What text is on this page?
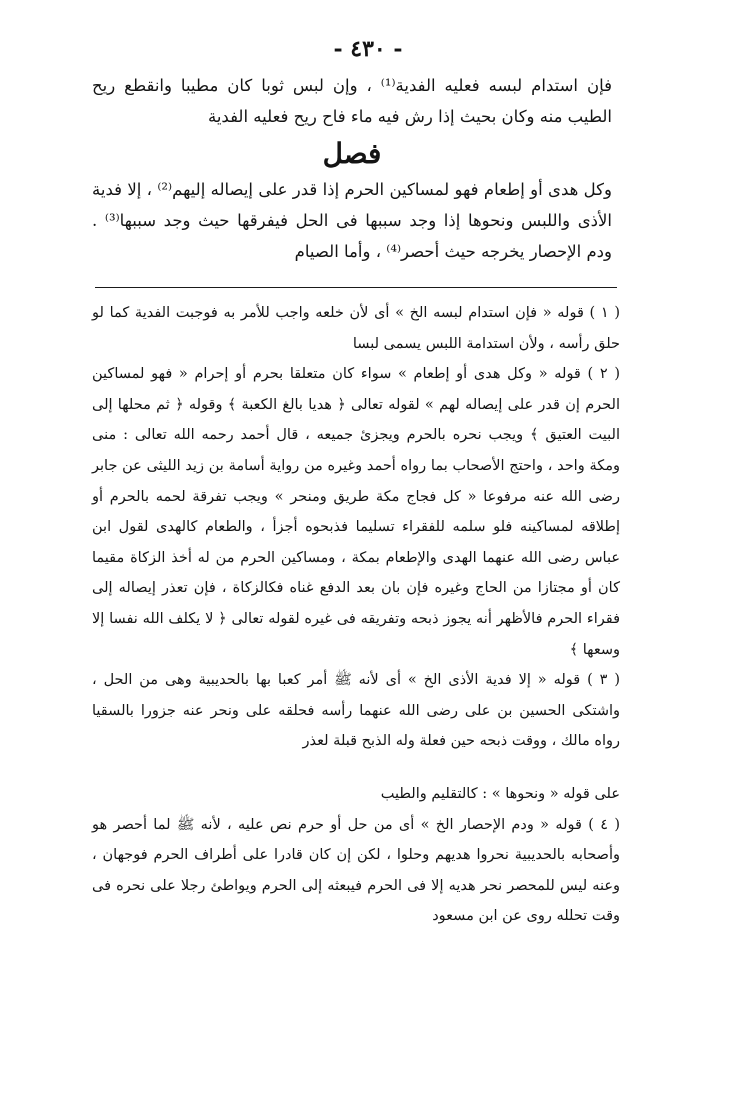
- ٤٣٠ -

فإن استدام لبسه فعليه الفدية⁽¹⁾ ، وإن لبس ثوبا كان مطيبا وانقطع ريح الطيب منه وكان بحيث إذا رش فيه ماء فاح ريح فعليه الفدية

فصل

وكل هدى أو إطعام فهو لمساكين الحرم إذا قدر على إيصاله إليهم⁽²⁾ ، إلا فدية الأذى واللبس ونحوها إذا وجد سببها فى الحل فيفرقها حيث وجد سببها⁽³⁾ . ودم الإحصار يخرجه حيث أحصر⁽⁴⁾ ، وأما الصيام

( ١ ) قوله « فإن استدام لبسه الخ » أى لأن خلعه واجب للأمر به فوجبت الفدية كما لو حلق رأسه ، ولأن استدامة اللبس يسمى لبسا

( ٢ ) قوله « وكل هدى أو إطعام » سواء كان متعلقا بحرم أو إحرام « فهو لمساكين الحرم إن قدر على إيصاله لهم » لقوله تعالى ﴿ هديا بالغ الكعبة ﴾ وقوله ﴿ ثم محلها إلى البيت العتيق ﴾ ويجب نحره بالحرم ويجزئ جميعه ، قال أحمد رحمه الله تعالى : منى ومكة واحد ، واحتج الأصحاب بما رواه أحمد وغيره من رواية أسامة بن زيد الليثى عن جابر رضى الله عنه مرفوعا « كل فجاج مكة طريق ومنحر » ويجب تفرقة لحمه بالحرم أو إطلاقه لمساكينه فلو سلمه للفقراء تسليما فذبحوه أجزأ ، والطعام كالهدى لقول ابن عباس رضى الله عنهما الهدى والإطعام بمكة ، ومساكين الحرم من له أخذ الزكاة مقيما كان أو مجتازا من الحاج وغيره فإن بان بعد الدفع غناه فكالزكاة ، فإن تعذر إيصاله إلى فقراء الحرم فالأظهر أنه يجوز ذبحه وتفريقه فى غيره لقوله تعالى ﴿ لا يكلف الله نفسا إلا وسعها ﴾

( ٣ ) قوله « إلا فدية الأذى الخ » أى لأنه ﷺ أمر كعبا بها بالحديبية وهى من الحل ، واشتكى الحسين بن على رضى الله عنهما رأسه فحلقه على ونحر عنه جزورا بالسقيا رواه مالك ، ووقت ذبحه حين فعلة وله الذبح قبلة لعذر

على قوله « ونحوها » : كالتقليم والطيب

( ٤ ) قوله « ودم الإحصار الخ » أى من حل أو حرم نص عليه ، لأنه ﷺ لما أحصر هو وأصحابه بالحديبية نحروا هديهم وحلوا ، لكن إن كان قادرا على أطراف الحرم فوجهان ، وعنه ليس للمحصر نحر هديه إلا فى الحرم فيبعثه إلى الحرم ويواطئ رجلا على نحره فى وقت تحلله روى عن ابن مسعود
